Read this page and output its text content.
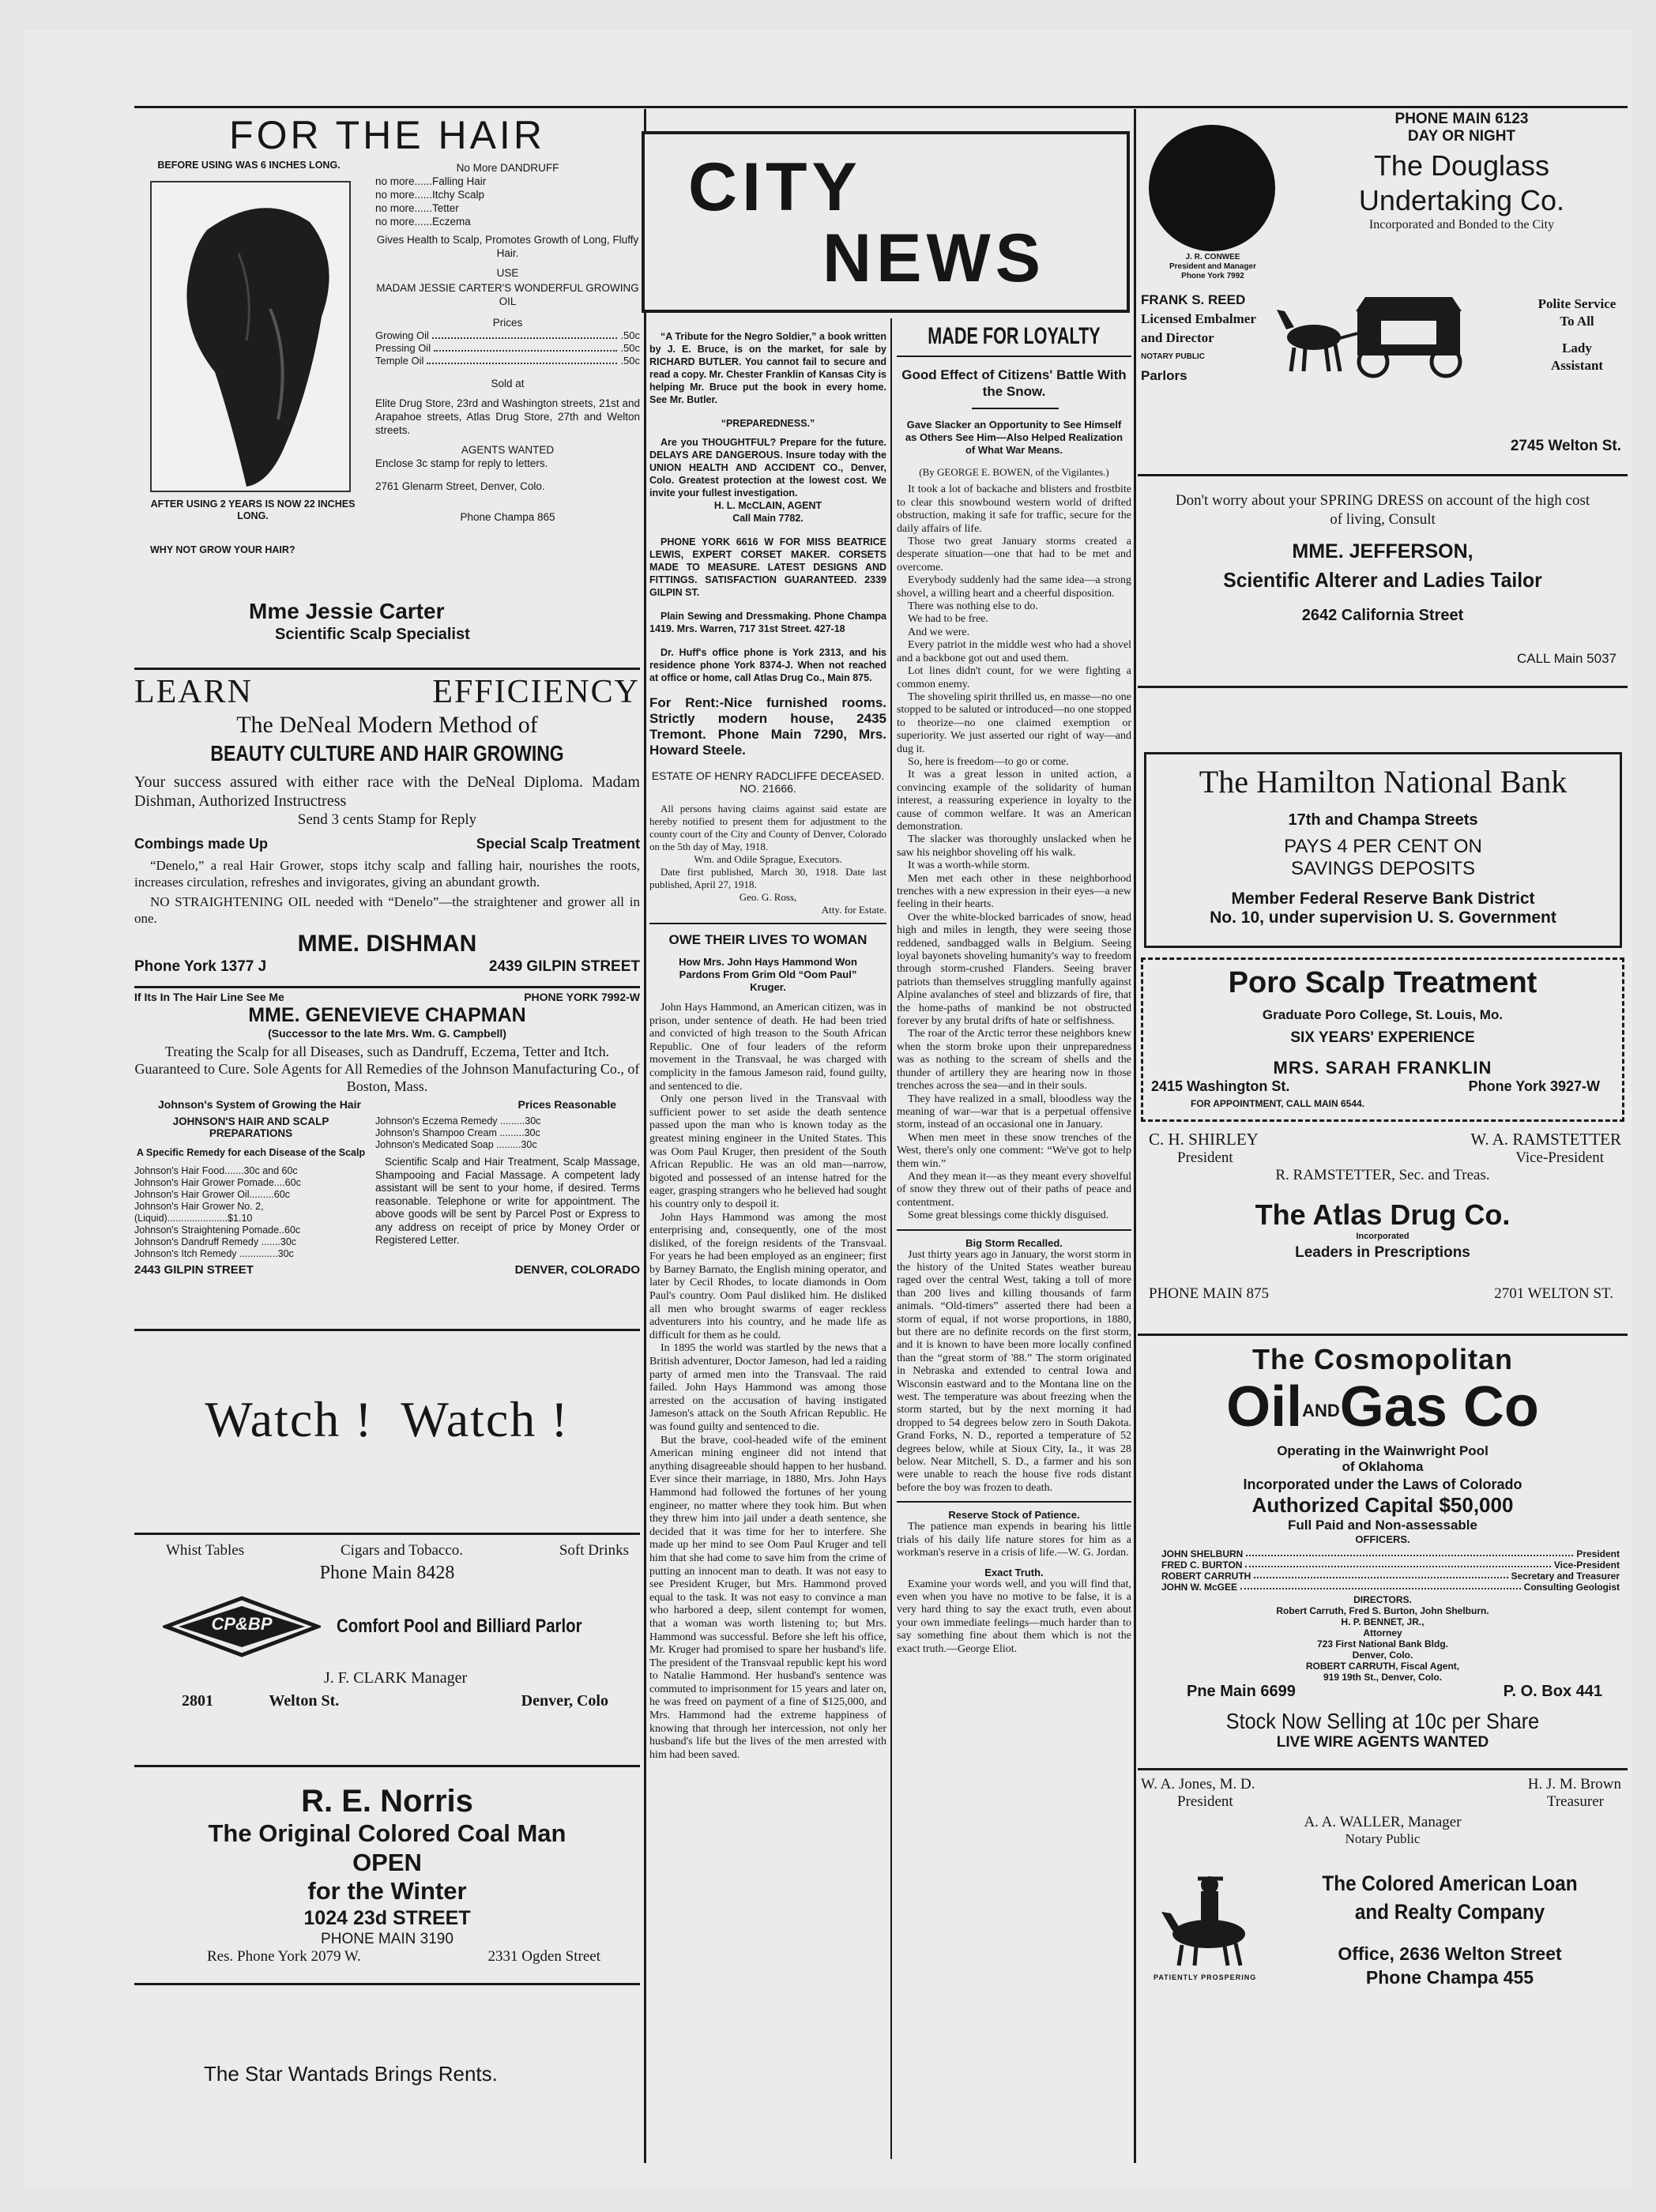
FOR THE HAIR
BEFORE USING WAS 6 INCHES LONG.
AFTER USING 2 YEARS IS NOW 22 INCHES LONG.
WHY NOT GROW YOUR HAIR?
No More DANDRUFF
no more......Falling Hair
no more......Itchy Scalp
no more......Tetter
no more......Eczema
Gives Health to Scalp, Promotes Growth of Long, Fluffy Hair.
USE
MADAM JESSIE CARTER'S WONDERFUL GROWING OIL
Prices
Growing Oil	.50c
Pressing Oil	.50c
Temple Oil	.50c
Sold at
Elite Drug Store, 23rd and Washington streets, 21st and Arapahoe streets, Atlas Drug Store, 27th and Welton streets.
AGENTS WANTED
Enclose 3c stamp for reply to letters.
2761 Glenarm Street, Denver, Colo.
Phone Champa 865
Mme Jessie Carter
Scientific Scalp Specialist
LEARN	EFFICIENCY
The DeNeal Modern Method of
BEAUTY CULTURE AND HAIR GROWING
Your success assured with either race with the DeNeal Diploma. Madam Dishman, Authorized Instructress
Send 3 cents Stamp for Reply
Combings made Up	Special Scalp Treatment
“Denelo,” a real Hair Grower, stops itchy scalp and falling hair, nourishes the roots, increases circulation, refreshes and invigorates, giving an abundant growth.
NO STRAIGHTENING OIL needed with “Denelo”—the straightener and grower all in one.
MME. DISHMAN
Phone York 1377 J	2439 GILPIN STREET
If Its In The Hair Line See Me	PHONE YORK 7992-W
MME. GENEVIEVE CHAPMAN
(Successor to the late Mrs. Wm. G. Campbell)
Treating the Scalp for all Diseases, such as Dandruff, Eczema, Tetter and Itch. Guaranteed to Cure. Sole Agents for All Remedies of the Johnson Manufacturing Co., of Boston, Mass.
Johnson's System of Growing the Hair	Prices Reasonable
JOHNSON'S HAIR AND SCALP PREPARATIONS
A Specific Remedy for each Disease of the Scalp
Johnson's Hair Food.......30c and 60c
Johnson's Hair Grower Pomade....60c
Johnson's Hair Grower Oil.........60c
Johnson's Hair Grower No. 2, (Liquid)......................$1.10
Johnson's Straightening Pomade..60c
Johnson's Dandruff Remedy .......30c
Johnson's Itch Remedy ..............30c
Johnson's Eczema Remedy .........30c
Johnson's Shampoo Cream .........30c
Johnson's Medicated Soap .........30c
Scientific Scalp and Hair Treatment, Scalp Massage, Shampooing and Facial Massage. A competent lady assistant will be sent to your home, if desired. Terms reasonable. Telephone or write for appointment. The above goods will be sent by Parcel Post or Express to any address on receipt of price by Money Order or Registered Letter.
2443 GILPIN STREET	DENVER, COLORADO
Watch !  Watch !
Whist Tables	Cigars and Tobacco.	Soft Drinks
Phone Main 8428
CP&BP	Comfort Pool and Billiard Parlor
J. F. CLARK Manager
2801	Welton St.	Denver, Colo
R. E. Norris
The Original Colored Coal Man
OPEN
for the Winter
1024 23d STREET
PHONE MAIN 3190
Res. Phone York 2079 W.	2331 Ogden Street
The Star Wantads Brings Rents.
CITY
NEWS

“A Tribute for the Negro Soldier,” a book written by J. E. Bruce, is on the market, for sale by RICHARD BUTLER. You cannot fail to secure and read a copy. Mr. Chester Franklin of Kansas City is helping Mr. Bruce put the book in every home. See Mr. Butler.

“PREPAREDNESS.”

Are you THOUGHTFUL? Prepare for the future. DELAYS ARE DANGEROUS. Insure today with the UNION HEALTH AND ACCIDENT CO., Denver, Colo. Greatest protection at the lowest cost. We invite your fullest investigation.

H. L. McCLAIN, AGENT
Call Main 7782.

PHONE YORK 6616 W FOR MISS BEATRICE LEWIS, EXPERT CORSET MAKER. CORSETS MADE TO MEASURE. LATEST DESIGNS AND FITTINGS. SATISFACTION GUARANTEED. 2339 GILPIN ST.

Plain Sewing and Dressmaking. Phone Champa 1419. Mrs. Warren, 717 31st Street. 427-18

Dr. Huff's office phone is York 2313, and his residence phone York 8374-J. When not reached at office or home, call Atlas Drug Co., Main 875.

For Rent:-Nice furnished rooms. Strictly modern house, 2435 Tremont. Phone Main 7290, Mrs. Howard Steele.

ESTATE OF HENRY RADCLIFFE DECEASED. NO. 21666.

All persons having claims against said estate are hereby notified to present them for adjustment to the county court of the City and County of Denver, Colorado on the 5th day of May, 1918.

Wm. and Odile Sprague, Executors.

Date first published, March 30, 1918. Date last published, April 27, 1918.

Geo. G. Ross,
Atty. for Estate.
OWE THEIR LIVES TO WOMAN
How Mrs. John Hays Hammond Won Pardons From Grim Old “Oom Paul” Kruger.

John Hays Hammond, an American citizen, was in prison, under sentence of death. He had been tried and convicted of high treason to the South African Republic. One of four leaders of the reform movement in the Transvaal, he was charged with complicity in the famous Jameson raid, found guilty, and sentenced to die.

Only one person lived in the Transvaal with sufficient power to set aside the death sentence passed upon the man who is known today as the greatest mining engineer in the United States. This was Oom Paul Kruger, then president of the South African Republic. He was an old man—narrow, bigoted and possessed of an intense hatred for the eager, grasping strangers who he believed had sought his country only to despoil it.

John Hays Hammond was among the most enterprising and, consequently, one of the most disliked, of the foreign residents of the Transvaal. For years he had been employed as an engineer; first by Barney Barnato, the English mining operator, and later by Cecil Rhodes, to locate diamonds in Oom Paul's country. Oom Paul disliked him. He disliked all men who brought swarms of eager reckless adventurers into his country, and he made life as difficult for them as he could.

In 1895 the world was startled by the news that a British adventurer, Doctor Jameson, had led a raiding party of armed men into the Transvaal. The raid failed. John Hays Hammond was among those arrested on the accusation of having instigated Jameson's attack on the South African Republic. He was found guilty and sentenced to die.

But the brave, cool-headed wife of the eminent American mining engineer did not intend that anything disagreeable should happen to her husband. Ever since their marriage, in 1880, Mrs. John Hays Hammond had followed the fortunes of her young engineer, no matter where they took him. But when they threw him into jail under a death sentence, she decided that it was time for her to interfere. She made up her mind to see Oom Paul Kruger and tell him that she had come to save him from the crime of putting an innocent man to death. It was not easy to see President Kruger, but Mrs. Hammond proved equal to the task. It was not easy to convince a man who harbored a deep, silent contempt for women, that a woman was worth listening to; but Mrs. Hammond was successful. Before she left his office, Mr. Kruger had promised to spare her husband's life. The president of the Transvaal republic kept his word to Natalie Hammond. Her husband's sentence was commuted to imprisonment for 15 years and later on, he was freed on payment of a fine of $125,000, and Mrs. Hammond had the extreme happiness of knowing that through her intercession, not only her husband's life but the lives of the men arrested with him had been saved.

MADE FOR LOYALTY
Good Effect of Citizens' Battle With the Snow.
Gave Slacker an Opportunity to See Himself as Others See Him—Also Helped Realization of What War Means.

(By GEORGE E. BOWEN, of the Vigilantes.)

It took a lot of backache and blisters and frostbite to clear this snowbound western world of drifted obstruction, making it safe for traffic, secure for the daily affairs of life.

Those two great January storms created a desperate situation—one that had to be met and overcome.

Everybody suddenly had the same idea—a strong shovel, a willing heart and a cheerful disposition.

There was nothing else to do.

We had to be free.

And we were.

Every patriot in the middle west who had a shovel and a backbone got out and used them.

Lot lines didn't count, for we were fighting a common enemy.

The shoveling spirit thrilled us, en masse—no one stopped to be saluted or introduced—no one stopped to theorize—no one claimed exemption or superiority. We just asserted our right of way—and dug it.

So, here is freedom—to go or come.

It was a great lesson in united action, a convincing example of the solidarity of human interest, a reassuring experience in loyalty to the cause of common welfare. It was an American demonstration.

The slacker was thoroughly unslacked when he saw his neighbor shoveling off his walk.

It was a worth-while storm.

Men met each other in these neighborhood trenches with a new expression in their eyes—a new feeling in their hearts.

Over the white-blocked barricades of snow, head high and miles in length, they were seeing those reddened, sandbagged walls in Belgium. Seeing loyal bayonets shoveling humanity's way to freedom through storm-crushed Flanders. Seeing braver patriots than themselves struggling manfully against Alpine avalanches of steel and blizzards of fire, that the home-paths of mankind be not obstructed forever by any brutal drifts of hate or selfishness.

The roar of the Arctic terror these neighbors knew when the storm broke upon their unpreparedness was as nothing to the scream of shells and the thunder of artillery they are hearing now in those trenches across the sea—and in their souls.

They have realized in a small, bloodless way the meaning of war—war that is a perpetual offensive storm, instead of an occasional one in January.

When men meet in these snow trenches of the West, there's only one comment: “We've got to help them win.”

And they mean it—as they meant every shovelful of snow they threw out of their paths of peace and contentment.

Some great blessings come thickly disguised.

Big Storm Recalled.

Just thirty years ago in January, the worst storm in the history of the United States weather bureau raged over the central West, taking a toll of more than 200 lives and killing thousands of farm animals. “Old-timers” asserted there had been a storm of equal, if not worse proportions, in 1880, but there are no definite records on the first storm, and it is known to have been more locally confined than the “great storm of '88.” The storm originated in Nebraska and extended to central Iowa and Wisconsin eastward and to the Montana line on the west. The temperature was about freezing when the storm started, but by the next morning it had dropped to 54 degrees below zero in South Dakota. Grand Forks, N. D., reported a temperature of 52 degrees below, while at Sioux City, Ia., it was 28 below. Near Mitchell, S. D., a farmer and his son were unable to reach the house five rods distant before the boy was frozen to death.

Reserve Stock of Patience.

The patience man expends in bearing his little trials of his daily life nature stores for him as a workman's reserve in a crisis of life.—W. G. Jordan.

Exact Truth.

Examine your words well, and you will find that, even when you have no motive to be false, it is a very hard thing to say the exact truth, even about your own immediate feelings—much harder than to say something fine about them which is not the exact truth.—George Eliot.

J. R. CONWEE
President and Manager
Phone York 7992
PHONE MAIN 6123
DAY OR NIGHT
The Douglass
Undertaking Co.
Incorporated and Bonded to the City
FRANK S. REED
Licensed Embalmer
and Director
NOTARY PUBLIC
Parlors
Polite Service
To All
Lady
Assistant
2745 Welton St.
Don't worry about your SPRING DRESS on account of the high cost of living, Consult
MME. JEFFERSON,
Scientific Alterer and Ladies Tailor
2642 California Street
CALL Main 5037
The Hamilton National Bank
17th and Champa Streets
PAYS 4 PER CENT ON
SAVINGS DEPOSITS
Member Federal Reserve Bank District
No. 10, under supervision U. S. Government
Poro Scalp Treatment
Graduate Poro College, St. Louis, Mo.
SIX YEARS' EXPERIENCE
MRS. SARAH FRANKLIN
2415 Washington St.	Phone York 3927-W
FOR APPOINTMENT, CALL MAIN 6544.
C. H. SHIRLEY	W. A. RAMSTETTER
President	Vice-President
R. RAMSTETTER, Sec. and Treas.
The Atlas Drug Co.
Incorporated
Leaders in Prescriptions
PHONE MAIN 875	2701 WELTON ST.
The Cosmopolitan
OilANDGas Co
Operating in the Wainwright Pool
of Oklahoma
Incorporated under the Laws of Colorado
Authorized Capital $50,000
Full Paid and Non-assessable
OFFICERS.
JOHN SHELBURN	President
FRED C. BURTON	Vice-President
ROBERT CARRUTH	Secretary and Treasurer
JOHN W. McGEE	Consulting Geologist
DIRECTORS.
Robert Carruth, Fred S. Burton, John Shelburn.
H. P. BENNET, JR.,
Attorney
723 First National Bank Bldg.
Denver, Colo.
ROBERT CARRUTH, Fiscal Agent,
919 19th St., Denver, Colo.
Pne Main 6699	P. O. Box 441
Stock Now Selling at 10c per Share
LIVE WIRE AGENTS WANTED
W. A. Jones, M. D.	H. J. M. Brown
President	Treasurer
A. A. WALLER, Manager
Notary Public
PATIENTLY PROSPERING
The Colored American Loan
and Realty Company
Office, 2636 Welton Street
Phone Champa 455
